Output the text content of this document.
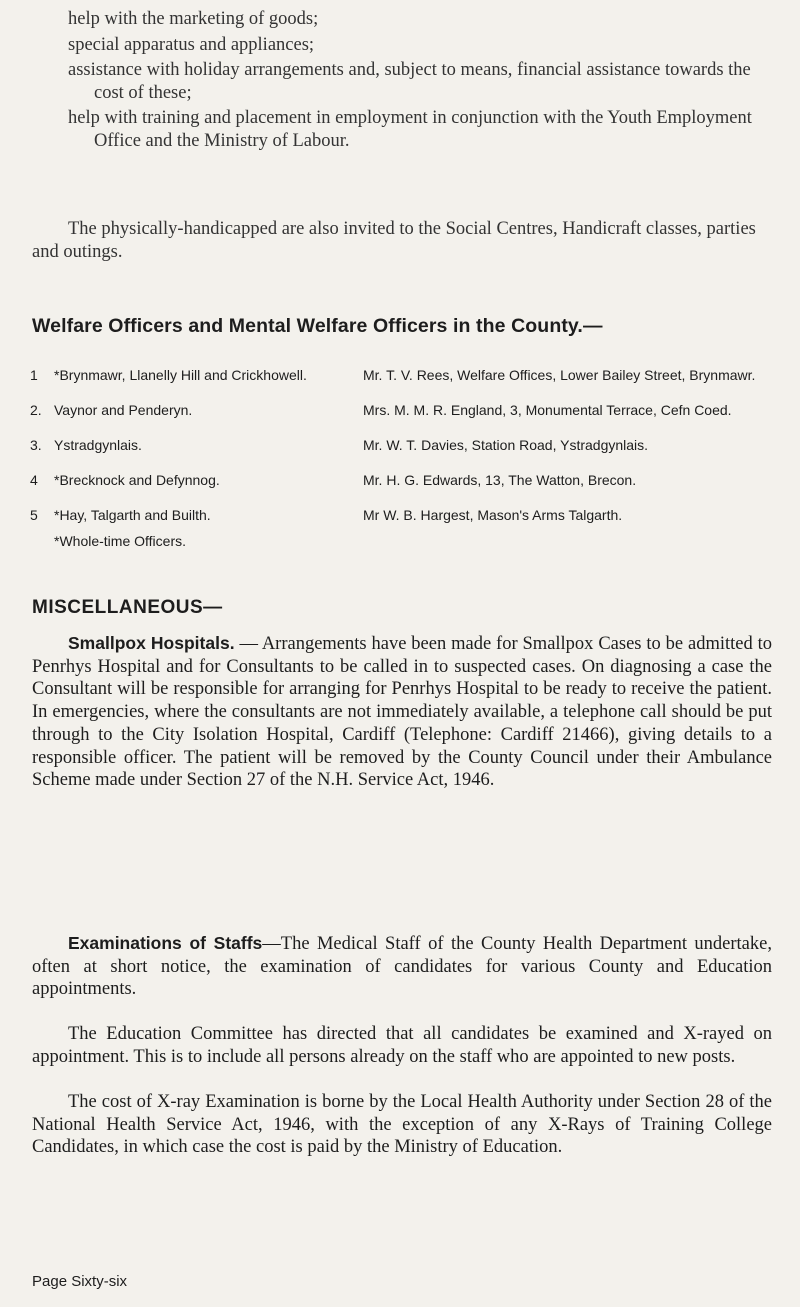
help with the marketing of goods;

special apparatus and appliances;

assistance with holiday arrangements and, subject to means, financial assistance towards the cost of these;

help with training and placement in employment in conjunction with the Youth Employment Office and the Ministry of Labour.

The physically-handicapped are also invited to the Social Centres, Handicraft classes, parties and outings.

Welfare Officers and Mental Welfare Officers in the County.—
1	*Brynmawr, Llanelly Hill and Crickhowell.	Mr. T. V. Rees, Welfare Offices, Lower Bailey Street, Brynmawr.
2. Vaynor and Penderyn.	Mrs. M. M. R. England, 3, Monumental Terrace, Cefn Coed.
3. Ystradgynlais.	Mr. W. T. Davies, Station Road, Ystradgynlais.
4	*Brecknock and Defynnog.	Mr. H. G. Edwards, 13, The Watton, Brecon.
5	*Hay, Talgarth and Builth.	Mr W. B. Hargest, Mason's Arms Talgarth.
*Whole-time Officers.
MISCELLANEOUS—

Smallpox Hospitals. — Arrangements have been made for Smallpox Cases to be admitted to Penrhys Hospital and for Consultants to be called in to suspected cases. On diagnosing a case the Consultant will be responsible for arranging for Penrhys Hospital to be ready to receive the patient. In emergencies, where the consultants are not immediately available, a telephone call should be put through to the City Isolation Hospital, Cardiff (Telephone: Cardiff 21466), giving details to a responsible officer. The patient will be removed by the County Council under their Ambulance Scheme made under Section 27 of the N.H. Service Act, 1946.

Examinations of Staffs—The Medical Staff of the County Health Department undertake, often at short notice, the examination of candidates for various County and Education appointments.

The Education Committee has directed that all candidates be examined and X-rayed on appointment. This is to include all persons already on the staff who are appointed to new posts.

The cost of X-ray Examination is borne by the Local Health Authority under Section 28 of the National Health Service Act, 1946, with the exception of any X-Rays of Training College Candidates, in which case the cost is paid by the Ministry of Education.

Page Sixty-six
